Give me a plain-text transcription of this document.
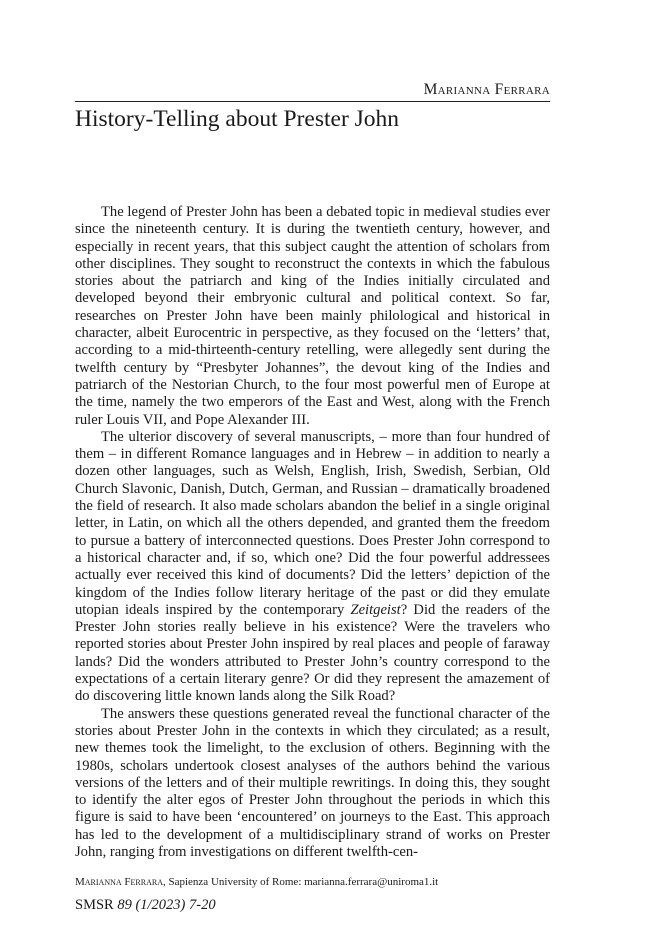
Marianna Ferrara
History-Telling about Prester John

The legend of Prester John has been a debated topic in medieval studies ever since the nineteenth century. It is during the twentieth century, however, and especially in recent years, that this subject caught the attention of scholars from other disciplines. They sought to reconstruct the contexts in which the fabulous stories about the patriarch and king of the Indies initially circulated and developed beyond their embryonic cultural and political context. So far, researches on Prester John have been mainly philological and historical in character, albeit Eurocentric in perspective, as they focused on the ‘letters’ that, according to a mid-thirteenth-century retelling, were allegedly sent during the twelfth century by “Presbyter Johannes”, the devout king of the Indies and patriarch of the Nestorian Church, to the four most powerful men of Europe at the time, namely the two emperors of the East and West, along with the French ruler Louis VII, and Pope Alexander III.

The ulterior discovery of several manuscripts, – more than four hundred of them – in different Romance languages and in Hebrew – in addition to nearly a dozen other languages, such as Welsh, English, Irish, Swedish, Serbian, Old Church Slavonic, Danish, Dutch, German, and Russian – dramatically broadened the field of research. It also made scholars abandon the belief in a single original letter, in Latin, on which all the others depended, and granted them the freedom to pursue a battery of interconnected questions. Does Prester John correspond to a historical character and, if so, which one? Did the four powerful addressees actually ever received this kind of documents? Did the letters’ depiction of the kingdom of the Indies follow literary heritage of the past or did they emulate utopian ideals inspired by the contemporary Zeitgeist? Did the readers of the Prester John stories really believe in his existence? Were the travelers who reported stories about Prester John inspired by real places and people of faraway lands? Did the wonders attributed to Prester John’s country correspond to the expectations of a certain literary genre? Or did they represent the amazement of do discovering little known lands along the Silk Road?

The answers these questions generated reveal the functional character of the stories about Prester John in the contexts in which they circulated; as a result, new themes took the limelight, to the exclusion of others. Beginning with the 1980s, scholars undertook closest analyses of the authors behind the various versions of the letters and of their multiple rewritings. In doing this, they sought to identify the alter egos of Prester John throughout the periods in which this figure is said to have been ‘encountered’ on journeys to the East. This approach has led to the development of a multidisciplinary strand of works on Prester John, ranging from investigations on different twelfth-cen-

Marianna Ferrara, Sapienza University of Rome: marianna.ferrara@uniroma1.it
SMSR 89 (1/2023) 7-20
